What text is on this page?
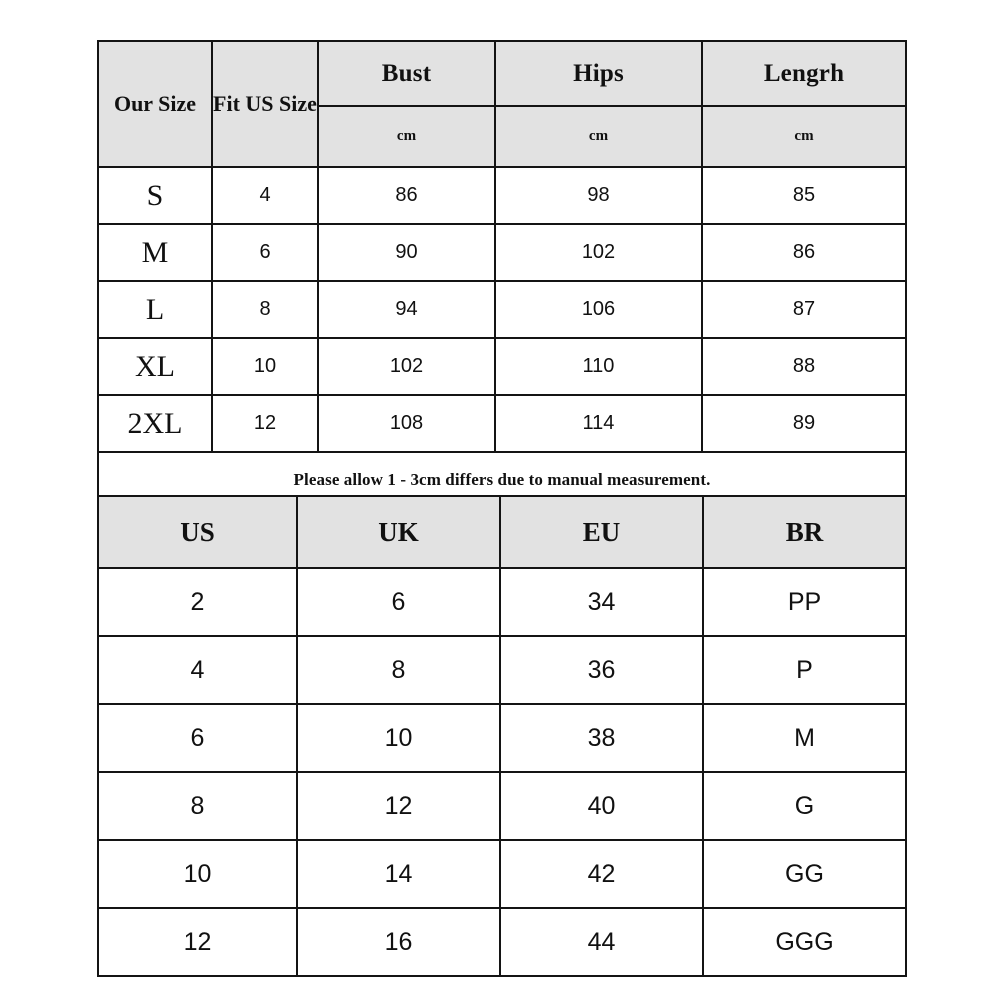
Our Size	Fit US Size	Bust	Hips	Lengrh
		cm	cm	cm
S	4	86	98	85
M	6	90	102	86
L	8	94	106	87
XL	10	102	110	88
2XL	12	108	114	89
Please allow 1 - 3cm differs due to manual measurement.				
US	UK	EU	BR
2	6	34	PP
4	8	36	P
6	10	38	M
8	12	40	G
10	14	42	GG
12	16	44	GGG
